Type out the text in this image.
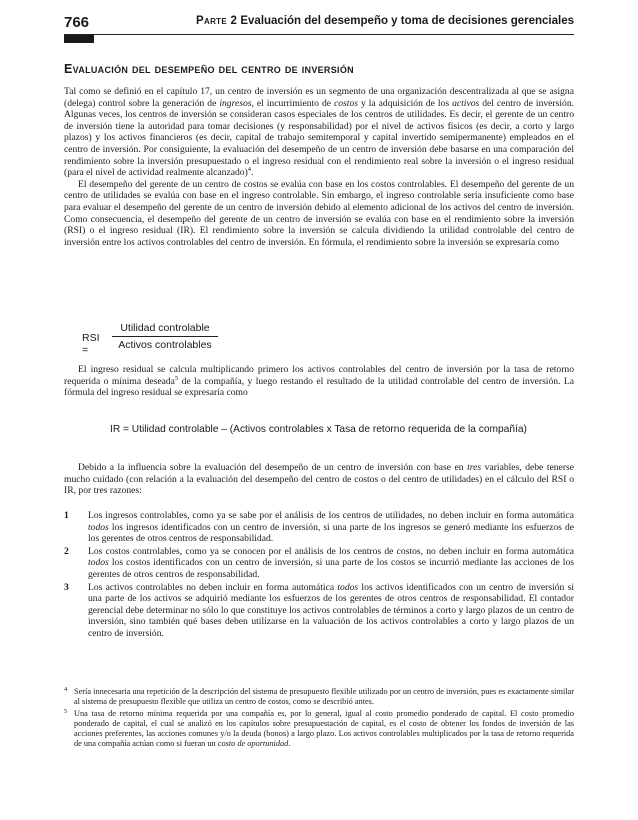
766	Parte 2 Evaluación del desempeño y toma de decisiones gerenciales
Evaluación del desempeño del centro de inversión

Tal como se definió en el capítulo 17, un centro de inversión es un segmento de una organización descentralizada al que se asigna (delega) control sobre la generación de ingresos, el incurrimiento de costos y la adquisición de los activos del centro de inversión. Algunas veces, los centros de inversión se consideran casos especiales de los centros de utilidades. Es decir, el gerente de un centro de inversión tiene la autoridad para tomar decisiones (y responsabilidad) por el nivel de activos físicos (es decir, a corto y largo plazos) y los activos financieros (es decir, capital de trabajo semitemporal y capital invertido semipermanente) empleados en el centro de inversión. Por consiguiente, la evaluación del desempeño de un centro de inversión debe basarse en una comparación del rendimiento sobre la inversión presupuestado o el ingreso residual con el rendimiento real sobre la inversión o el ingreso residual (para el nivel de actividad realmente alcanzado)$^4$.

El desempeño del gerente de un centro de costos se evalúa con base en los costos controlables. El desempeño del gerente de un centro de utilidades se evalúa con base en el ingreso controlable. Sin embargo, el ingreso controlable sería insuficiente como base para evaluar el desempeño del gerente de un centro de inversión debido al elemento adicional de los activos del centro de inversión. Como consecuencia, el desempeño del gerente de un centro de inversión se evalúa con base en el rendimiento sobre la inversión (RSI) o el ingreso residual (IR). El rendimiento sobre la inversión se calcula dividiendo la utilidad controlable del centro de inversión entre los activos controlables del centro de inversión. En fórmula, el rendimiento sobre la inversión se expresaría como

RSI =
Utilidad controlable
Activos controlables

El ingreso residual se calcula multiplicando primero los activos controlables del centro de inversión por la tasa de retorno requerida o mínima deseada$^5$ de la compañía, y luego restando el resultado de la utilidad controlable del centro de inversión. La fórmula del ingreso residual se expresaría como

IR = Utilidad controlable – (Activos controlables x Tasa de retorno requerida de la compañía)

Debido a la influencia sobre la evaluación del desempeño de un centro de inversión con base en tres variables, debe tenerse mucho cuidado (con relación a la evaluación del desempeño del centro de costos o del centro de utilidades) en el cálculo del RSI o IR, por tres razones:

1 Los ingresos controlables, como ya se sabe por el análisis de los centros de utilidades, no deben incluir en forma automática todos los ingresos identificados con un centro de inversión, si una parte de los ingresos se generó mediante los esfuerzos de los gerentes de otros centros de responsabilidad.
2 Los costos controlables, como ya se conocen por el análisis de los centros de costos, no deben incluir en forma automática todos los costos identificados con un centro de inversión, si una parte de los costos se incurrió mediante las acciones de los gerentes de otros centros de responsabilidad.
3 Los activos controlables no deben incluir en forma automática todos los activos identificados con un centro de inversión si una parte de los activos se adquirió mediante los esfuerzos de los gerentes de otros centros de responsabilidad. El contador gerencial debe determinar no sólo lo que constituye los activos controlables de términos a corto y largo plazos de un centro de inversión, sino también qué bases deben utilizarse en la valuación de los activos controlables a corto y largo plazos de un centro de inversión.
4 Sería innecesaria una repetición de la descripción del sistema de presupuesto flexible utilizado por un centro de inversión, pues es exactamente similar al sistema de presupuesto flexible que utiliza un centro de costos, como se describió antes.
5 Una tasa de retorno mínima requerida por una compañía es, por lo general, igual al costo promedio ponderado de capital. El costo promedio ponderado de capital, el cual se analizó en los capítulos sobre presupuestación de capital, es el costo de obtener los fondos de inversión de las acciones preferentes, las acciones comunes y/o la deuda (bonos) a largo plazo. Los activos controlables multiplicados por la tasa de retorno requerida de una compañía actúan como si fueran un costo de oportunidad.
